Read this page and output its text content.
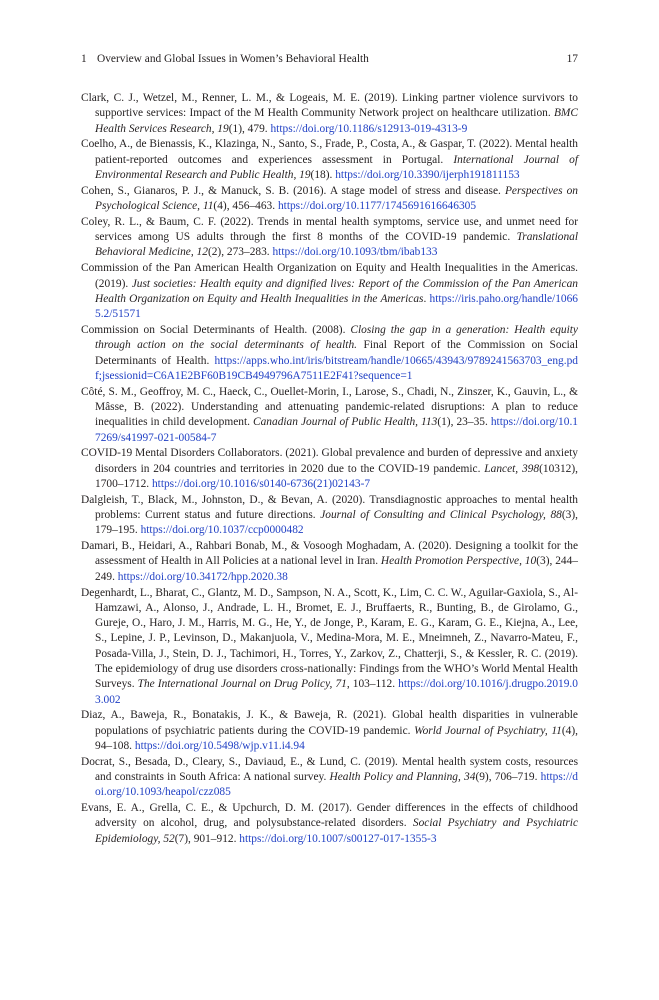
1 Overview and Global Issues in Women’s Behavioral Health	17

Clark, C. J., Wetzel, M., Renner, L. M., & Logeais, M. E. (2019). Linking partner violence survivors to supportive services: Impact of the M Health Community Network project on healthcare utilization. BMC Health Services Research, 19(1), 479. https://doi.org/10.1186/s12913-019-4313-9

Coelho, A., de Bienassis, K., Klazinga, N., Santo, S., Frade, P., Costa, A., & Gaspar, T. (2022). Mental health patient-reported outcomes and experiences assessment in Portugal. International Journal of Environmental Research and Public Health, 19(18). https://doi.org/10.3390/ijerph191811153

Cohen, S., Gianaros, P. J., & Manuck, S. B. (2016). A stage model of stress and disease. Perspectives on Psychological Science, 11(4), 456–463. https://doi.org/10.1177/1745691616646305

Coley, R. L., & Baum, C. F. (2022). Trends in mental health symptoms, service use, and unmet need for services among US adults through the first 8 months of the COVID-19 pandemic. Translational Behavioral Medicine, 12(2), 273–283. https://doi.org/10.1093/tbm/ibab133

Commission of the Pan American Health Organization on Equity and Health Inequalities in the Americas. (2019). Just societies: Health equity and dignified lives: Report of the Commission of the Pan American Health Organization on Equity and Health Inequalities in the Americas. https://iris.paho.org/handle/10665.2/51571

Commission on Social Determinants of Health. (2008). Closing the gap in a generation: Health equity through action on the social determinants of health. Final Report of the Commission on Social Determinants of Health. https://apps.who.int/iris/bitstream/handle/10665/43943/9789241563703_eng.pdf;jsessionid=C6A1E2BF60B19CB4949796A7511E2F41?sequence=1

Côté, S. M., Geoffroy, M. C., Haeck, C., Ouellet-Morin, I., Larose, S., Chadi, N., Zinszer, K., Gauvin, L., & Mâsse, B. (2022). Understanding and attenuating pandemic-related disruptions: A plan to reduce inequalities in child development. Canadian Journal of Public Health, 113(1), 23–35. https://doi.org/10.17269/s41997-021-00584-7

COVID-19 Mental Disorders Collaborators. (2021). Global prevalence and burden of depressive and anxiety disorders in 204 countries and territories in 2020 due to the COVID-19 pandemic. Lancet, 398(10312), 1700–1712. https://doi.org/10.1016/s0140-6736(21)02143-7

Dalgleish, T., Black, M., Johnston, D., & Bevan, A. (2020). Transdiagnostic approaches to mental health problems: Current status and future directions. Journal of Consulting and Clinical Psychology, 88(3), 179–195. https://doi.org/10.1037/ccp0000482

Damari, B., Heidari, A., Rahbari Bonab, M., & Vosoogh Moghadam, A. (2020). Designing a toolkit for the assessment of Health in All Policies at a national level in Iran. Health Promotion Perspective, 10(3), 244–249. https://doi.org/10.34172/hpp.2020.38

Degenhardt, L., Bharat, C., Glantz, M. D., Sampson, N. A., Scott, K., Lim, C. C. W., Aguilar-Gaxiola, S., Al-Hamzawi, A., Alonso, J., Andrade, L. H., Bromet, E. J., Bruffaerts, R., Bunting, B., de Girolamo, G., Gureje, O., Haro, J. M., Harris, M. G., He, Y., de Jonge, P., Karam, E. G., Karam, G. E., Kiejna, A., Lee, S., Lepine, J. P., Levinson, D., Makanjuola, V., Medina-Mora, M. E., Mneimneh, Z., Navarro-Mateu, F., Posada-Villa, J., Stein, D. J., Tachimori, H., Torres, Y., Zarkov, Z., Chatterji, S., & Kessler, R. C. (2019). The epidemiology of drug use disorders cross-nationally: Findings from the WHO’s World Mental Health Surveys. The International Journal on Drug Policy, 71, 103–112. https://doi.org/10.1016/j.drugpo.2019.03.002

Diaz, A., Baweja, R., Bonatakis, J. K., & Baweja, R. (2021). Global health disparities in vulnerable populations of psychiatric patients during the COVID-19 pandemic. World Journal of Psychiatry, 11(4), 94–108. https://doi.org/10.5498/wjp.v11.i4.94

Docrat, S., Besada, D., Cleary, S., Daviaud, E., & Lund, C. (2019). Mental health system costs, resources and constraints in South Africa: A national survey. Health Policy and Planning, 34(9), 706–719. https://doi.org/10.1093/heapol/czz085

Evans, E. A., Grella, C. E., & Upchurch, D. M. (2017). Gender differences in the effects of childhood adversity on alcohol, drug, and polysubstance-related disorders. Social Psychiatry and Psychiatric Epidemiology, 52(7), 901–912. https://doi.org/10.1007/s00127-017-1355-3
